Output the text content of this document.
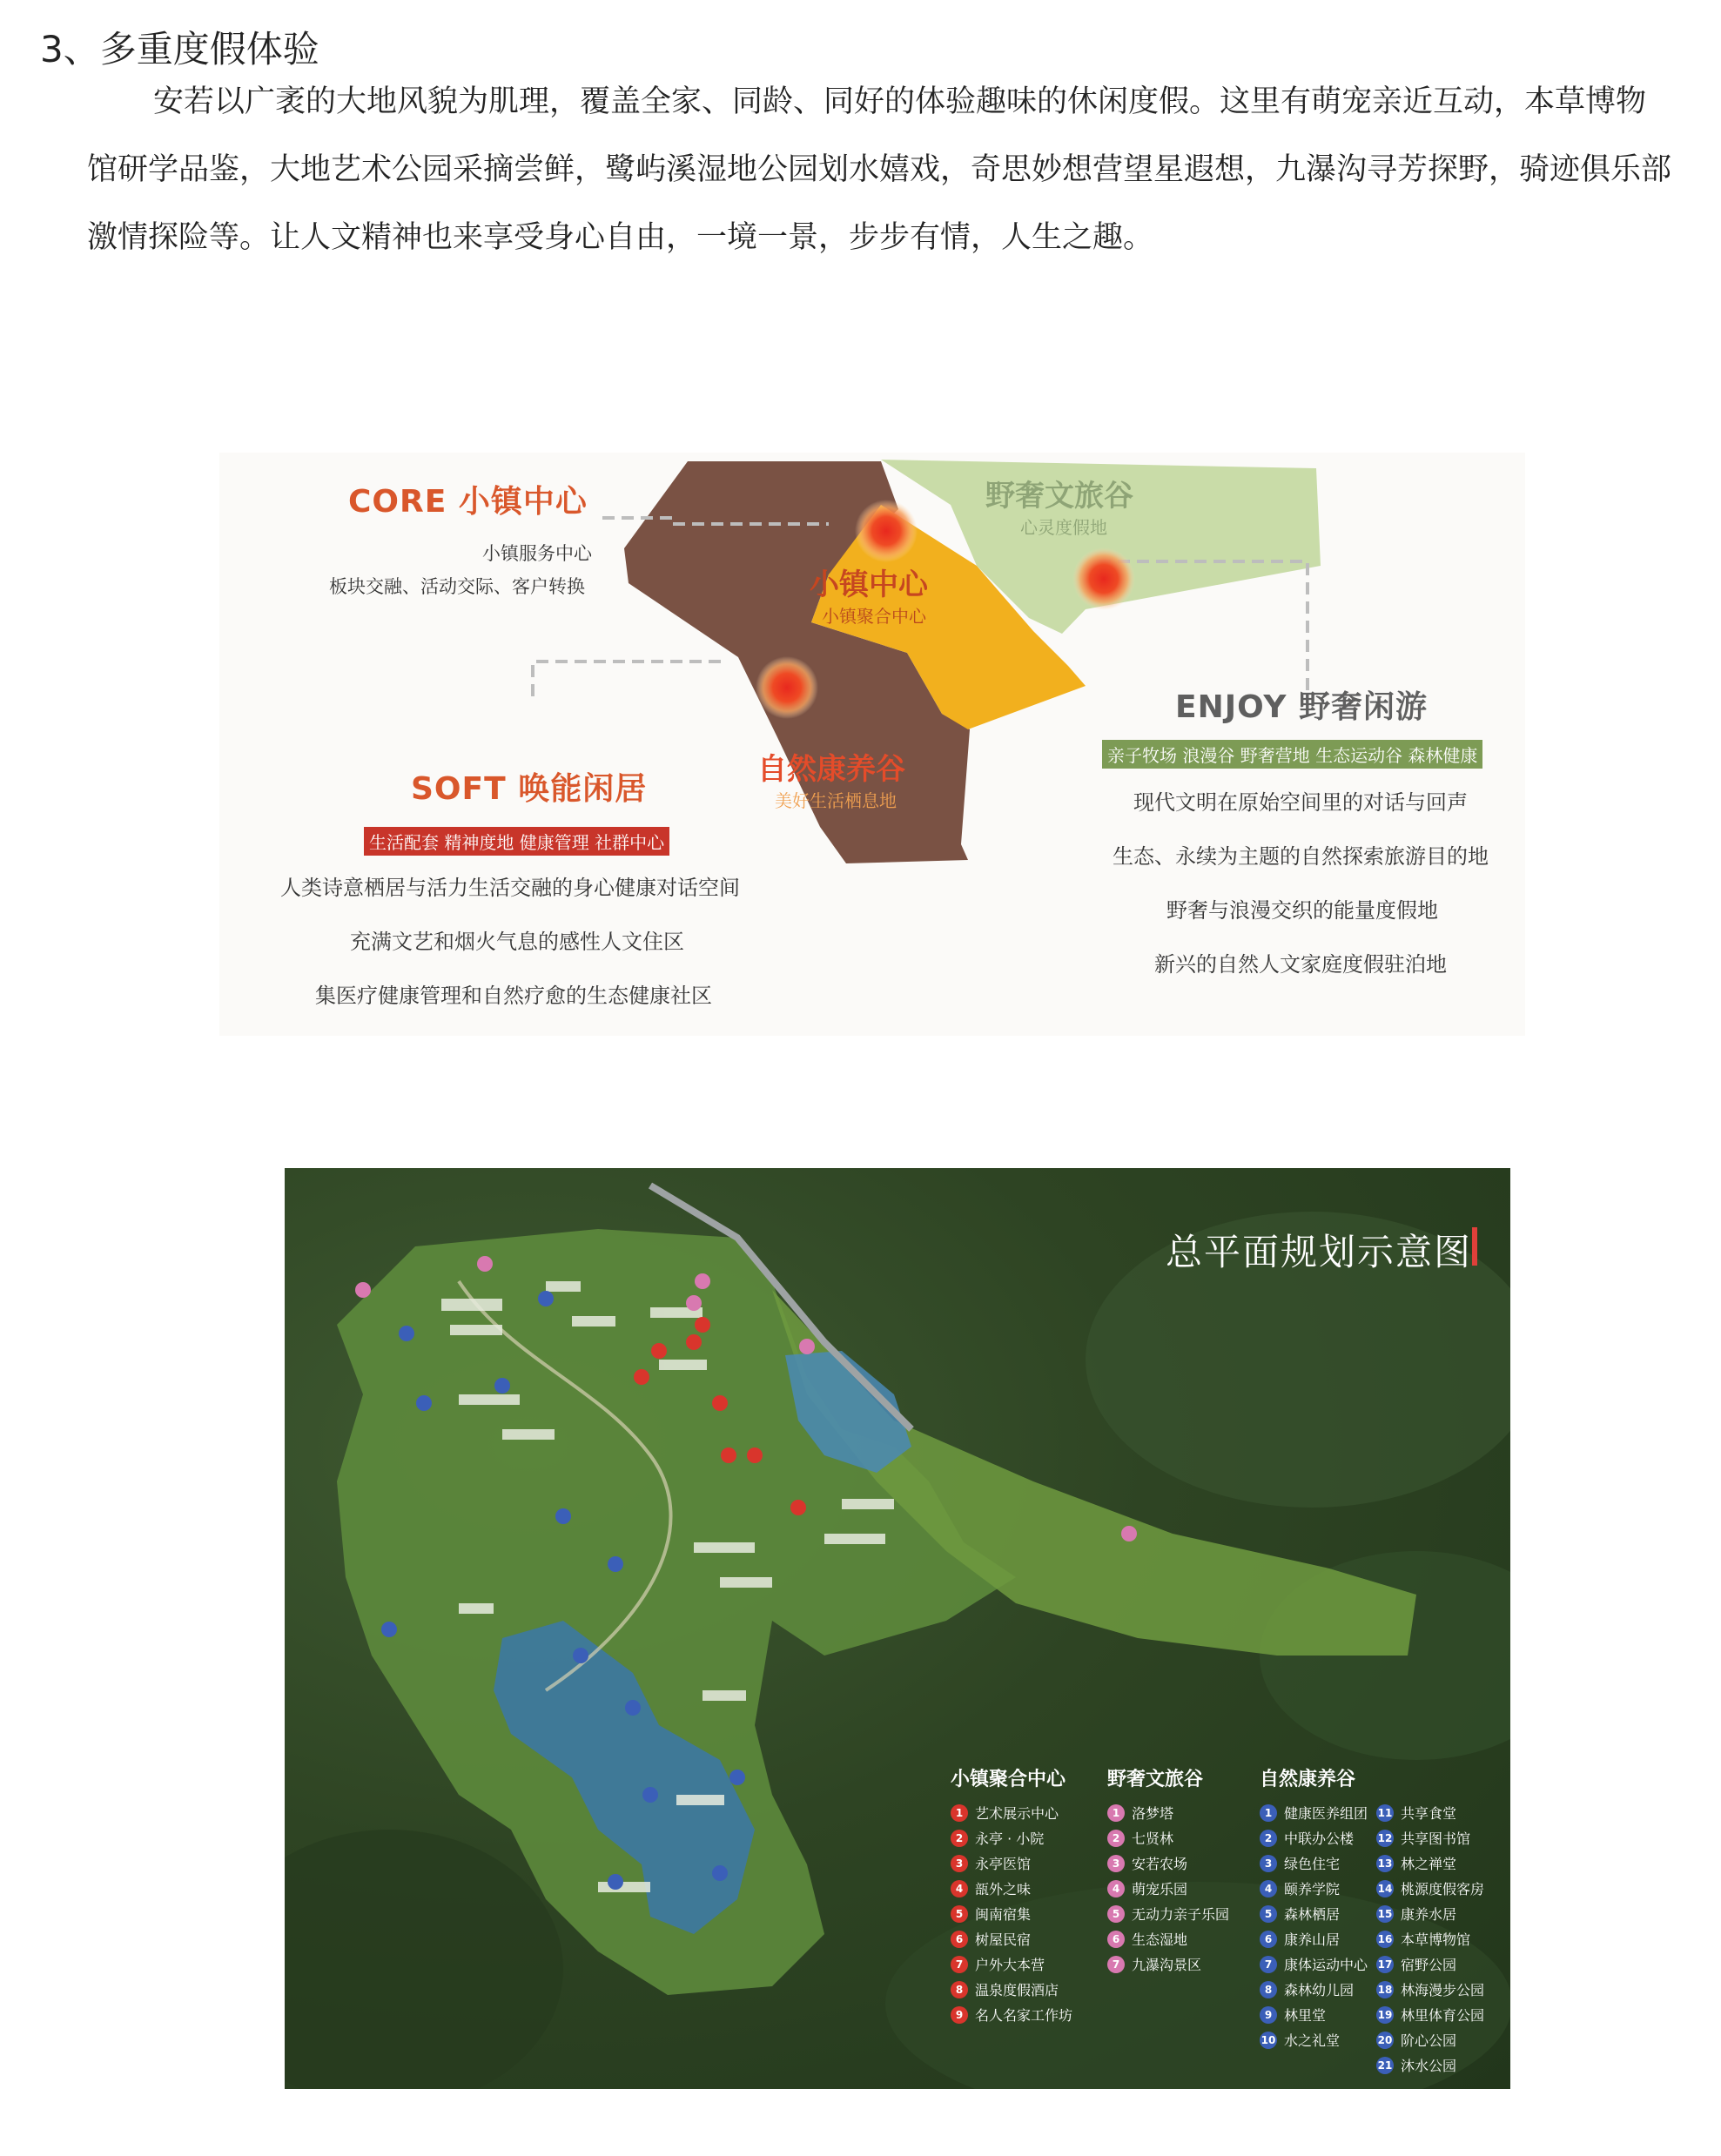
3、多重度假体验
安若以广袤的大地风貌为肌理，覆盖全家、同龄、同好的体验趣味的休闲度假。这里有萌宠亲近互动，本草博物馆研学品鉴，大地艺术公园采摘尝鲜，鹭屿溪湿地公园划水嬉戏，奇思妙想营望星遐想，九瀑沟寻芳探野，骑迹俱乐部激情探险等。让人文精神也来享受身心自由，一境一景，步步有情，人生之趣。
CORE 小镇中心
小镇服务中心
板块交融、活动交际、客户转换	小镇中心
小镇聚合中心
野奢文旅谷
心灵度假地
自然康养谷
美好生活栖息地
SOFT 唤能闲居
生活配套 精神度地 健康管理 社群中心
人类诗意栖居与活力生活交融的身心健康对话空间
充满文艺和烟火气息的感性人文住区
集医疗健康管理和自然疗愈的生态健康社区
ENJOY 野奢闲游
亲子牧场 浪漫谷 野奢营地 生态运动谷 森林健康
现代文明在原始空间里的对话与回声
生态、永续为主题的自然探索旅游目的地
野奢与浪漫交织的能量度假地
新兴的自然人文家庭度假驻泊地
总平面规划示意图
小镇聚合中心
1 艺术展示中心
2 永亭 · 小院
3 永亭医馆
4 瓿外之味
5 闽南宿集
6 树屋民宿
7 户外大本营
8 温泉度假酒店
9 名人名家工作坊
野奢文旅谷
1 洛梦塔
2 七贤林
3 安若农场
4 萌宠乐园
5 无动力亲子乐园
6 生态湿地
7 九瀑沟景区
自然康养谷
1 健康医养组团
2 中联办公楼
3 绿色住宅
4 颐养学院
5 森林栖居
6 康养山居
7 康体运动中心
8 森林幼儿园
9 林里堂
10 水之礼堂
11 共享食堂
12 共享图书馆
13 林之禅堂
14 桃源度假客房
15 康养水居
16 本草博物馆
17 宿野公园
18 林海漫步公园
19 林里体育公园
20 阶心公园
21 沐水公园
